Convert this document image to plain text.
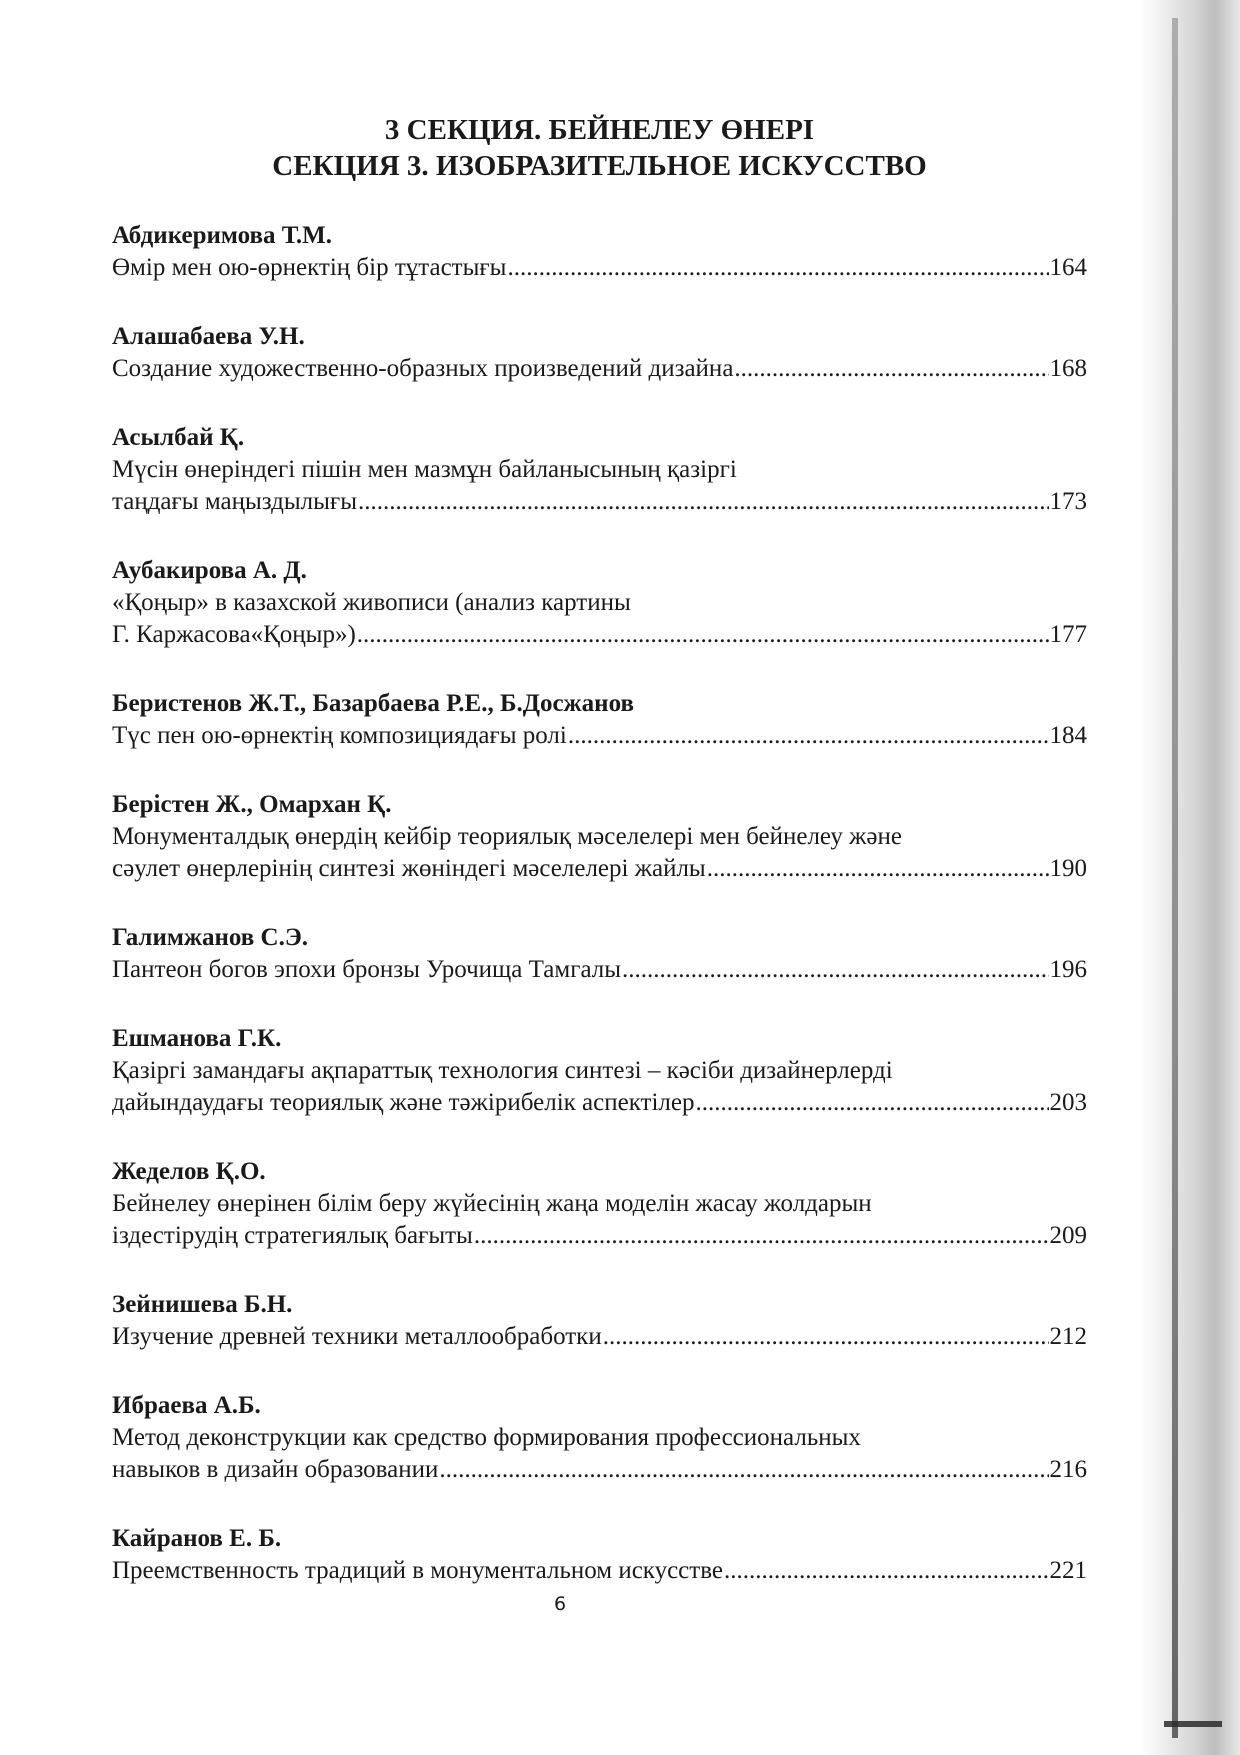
3 СЕКЦИЯ. БЕЙНЕЛЕУ ӨНЕРІ
СЕКЦИЯ 3. ИЗОБРАЗИТЕЛЬНОЕ ИСКУССТВО
Абдикеримова Т.М.
Өмір мен ою-өрнектің бір тұтастығы .....	164
Алашабаева У.Н.
Создание художественно-образных произведений дизайна .....	168
Асылбай Қ.
Мүсін өнеріндегі пішін мен мазмұн байланысының қазіргі
таңдағы маңыздылығы .....	173
Аубакирова А. Д.
«Қоңыр» в казахской живописи (анализ картины
Г. Каржасова«Қоңыр») .....	177
Беристенов Ж.Т., Базарбаева Р.Е., Б.Досжанов
Түс пен ою-өрнектің композициядағы ролі .....	184
Берістен Ж., Омархан Қ.
Монументалдық өнердің кейбір теориялық мәселелері мен бейнелеу және
сәулет өнерлерінің синтезі жөніндегі мәселелері жайлы .....	190
Галимжанов С.Э.
Пантеон богов эпохи бронзы Урочища Тамгалы .....	196
Ешманова Г.К.
Қазіргі замандағы ақпараттық технология синтезі – кәсіби дизайнерлерді
дайындаудағы теориялық және тәжірибелік аспектілер .....	203
Жеделов Қ.О.
Бейнелеу өнерінен білім беру жүйесінің жаңа моделін жасау жолдарын
іздестірудің стратегиялық бағыты .....	209
Зейнишева Б.Н.
Изучение древней техники металлообработки .....	212
Ибраева А.Б.
Метод деконструкции как средство формирования профессиональных
навыков в дизайн образовании .....	216
Кайранов Е. Б.
Преемственность традиций в монументальном искусстве .....	221
6
